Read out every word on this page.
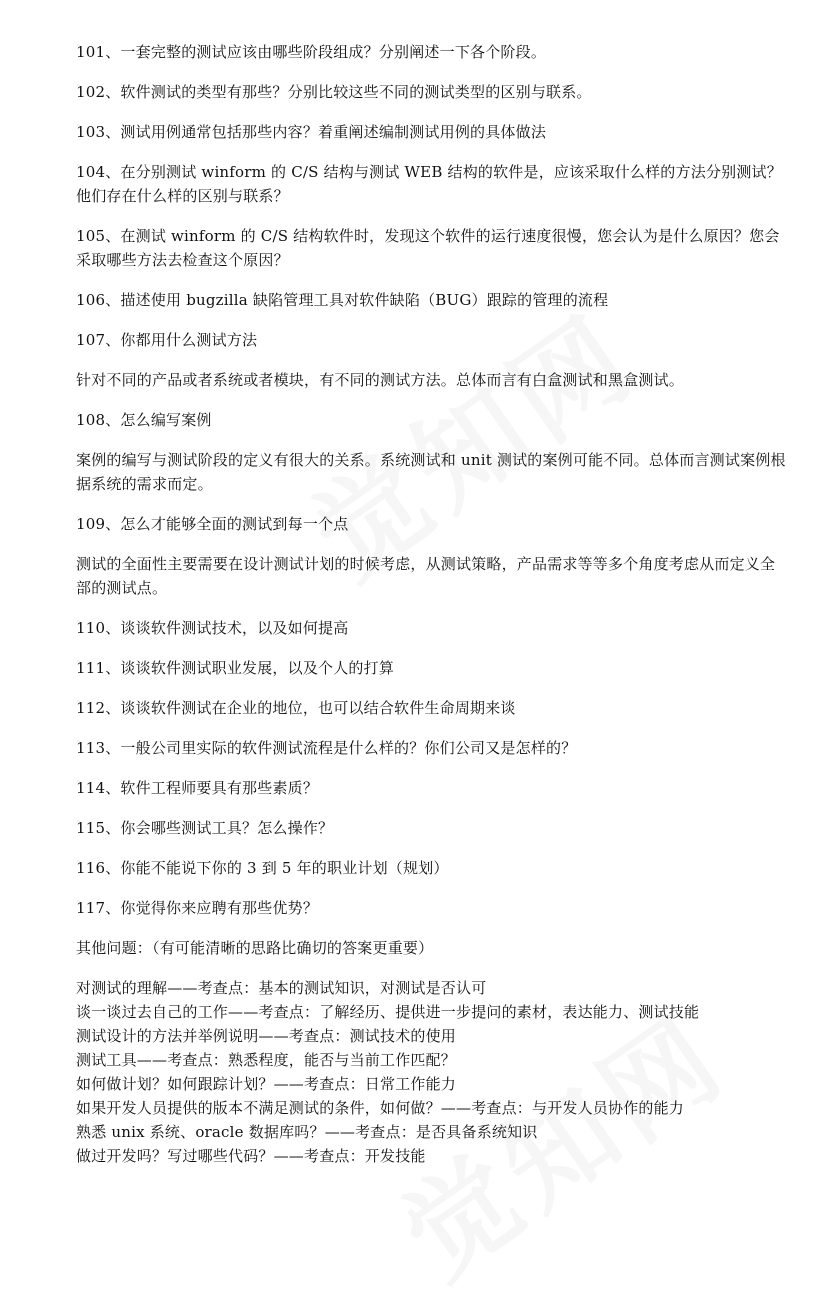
101、一套完整的测试应该由哪些阶段组成？分别阐述一下各个阶段。

102、软件测试的类型有那些？分别比较这些不同的测试类型的区别与联系。

103、测试用例通常包括那些内容？着重阐述编制测试用例的具体做法

104、在分别测试 winform 的 C/S 结构与测试 WEB 结构的软件是，应该采取什么样的方法分别测试？他们存在什么样的区别与联系？

105、在测试 winform 的 C/S 结构软件时，发现这个软件的运行速度很慢，您会认为是什么原因？您会采取哪些方法去检查这个原因？

106、描述使用 bugzilla 缺陷管理工具对软件缺陷（BUG）跟踪的管理的流程

107、你都用什么测试方法

针对不同的产品或者系统或者模块，有不同的测试方法。总体而言有白盒测试和黑盒测试。

108、怎么编写案例

案例的编写与测试阶段的定义有很大的关系。系统测试和 unit 测试的案例可能不同。总体而言测试案例根据系统的需求而定。

109、怎么才能够全面的测试到每一个点

测试的全面性主要需要在设计测试计划的时候考虑，从测试策略，产品需求等等多个角度考虑从而定义全部的测试点。

110、谈谈软件测试技术，以及如何提高

111、谈谈软件测试职业发展，以及个人的打算

112、谈谈软件测试在企业的地位，也可以结合软件生命周期来谈

113、一般公司里实际的软件测试流程是什么样的？你们公司又是怎样的？

114、软件工程师要具有那些素质？

115、你会哪些测试工具？怎么操作？

116、你能不能说下你的 3 到 5 年的职业计划（规划）

117、你觉得你来应聘有那些优势？

其他问题：（有可能清晰的思路比确切的答案更重要）

对测试的理解——考查点：基本的测试知识，对测试是否认可

谈一谈过去自己的工作——考查点：了解经历、提供进一步提问的素材，表达能力、测试技能

测试设计的方法并举例说明——考查点：测试技术的使用

测试工具——考查点：熟悉程度，能否与当前工作匹配？

如何做计划？如何跟踪计划？——考查点：日常工作能力

如果开发人员提供的版本不满足测试的条件，如何做？——考查点：与开发人员协作的能力

熟悉 unix 系统、oracle 数据库吗？——考查点：是否具备系统知识

做过开发吗？写过哪些代码？——考查点：开发技能
